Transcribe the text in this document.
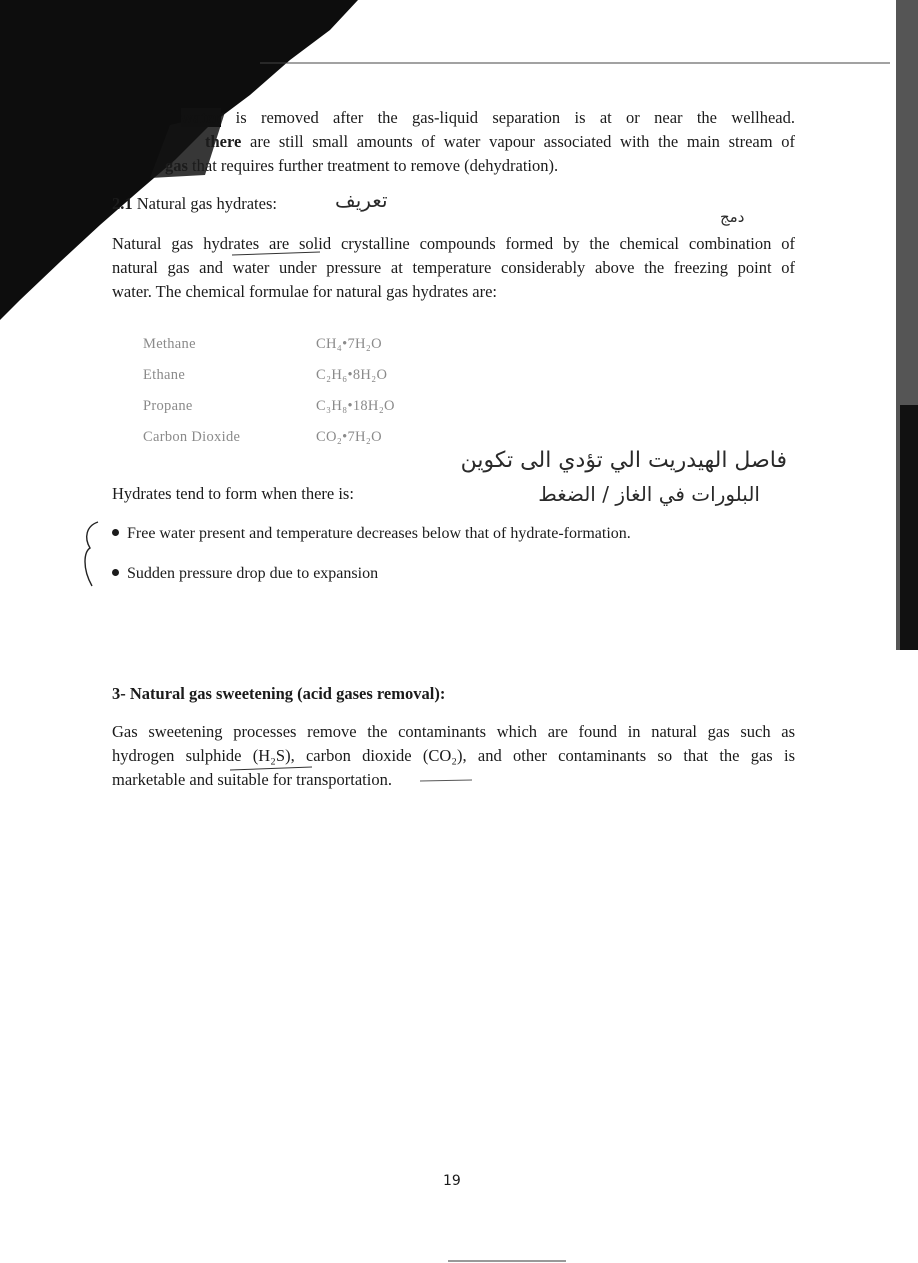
water is removed after the gas-liquid separation is at or near the wellhead.
there are still small amounts of water vapour associated with the main stream of
gas that requires further treatment to remove (dehydration).
2.1 Natural gas hydrates:	تعريف
دمج
Natural gas hydrates are solid crystalline compounds formed by the chemical combination of
natural gas and water under pressure at temperature considerably above the freezing point of
water. The chemical formulae for natural gas hydrates are:
Methane	CH₄•7H₂O
Ethane	C₂H₆•8H₂O
Propane	C₃H₈•18H₂O
Carbon Dioxide	CO₂•7H₂O
فاصل الهيدريت الي تؤدي الى تكوين
البلورات في الغاز / الضغط
Hydrates tend to form when there is:
Free water present and temperature decreases below that of hydrate-formation.
Sudden pressure drop due to expansion
3- Natural gas sweetening (acid gases removal):
Gas sweetening processes remove the contaminants which are found in natural gas such as
hydrogen sulphide (H₂S), carbon dioxide (CO₂), and other contaminants so that the gas is
marketable and suitable for transportation.
19
